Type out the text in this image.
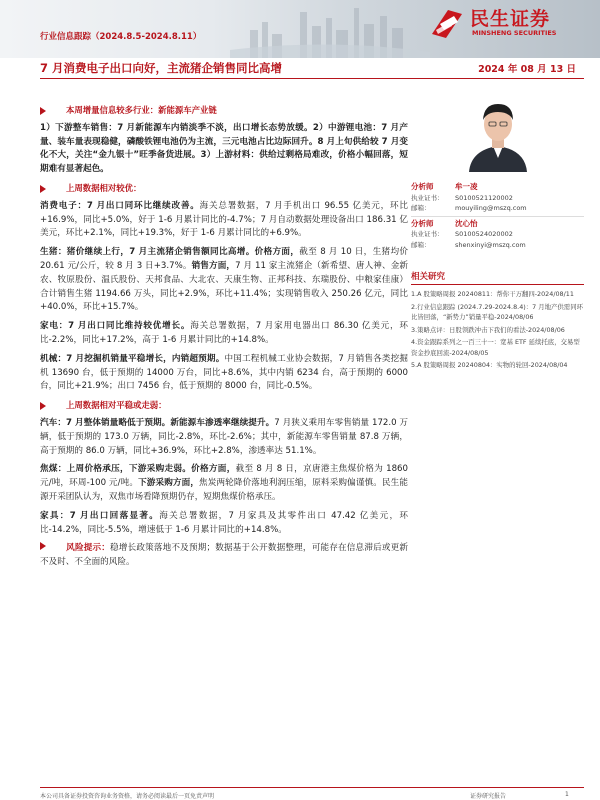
行业信息跟踪（2024.8.5-2024.8.11）
民生证券
MINSHENG SECURITIES
7 月消费电子出口向好，主流猪企销售同比高增	2024 年 08 月 13 日
本周增量信息较多行业：新能源车产业链
1）下游整车销售：7 月新能源车内销淡季不淡，出口增长态势放缓。2）中游锂电池：7 月产量、装车量表现稳健，磷酸铁锂电池仍为主流，三元电池占比边际回升。8 月上旬供给较 7 月变化不大，关注“金九银十”旺季备货进展。3）上游材料：供给过剩格局难改，价格小幅回落，短期难有显著起色。
上周数据相对较优：
消费电子：7 月出口同环比继续改善。海关总署数据，7 月手机出口 96.55 亿美元，环比+16.9%，同比+5.0%，好于 1-6 月累计同比的-4.7%；7 月自动数据处理设备出口 186.31 亿美元，环比+2.1%，同比+19.3%，好于 1-6 月累计同比的+6.9%。
生猪：猪价继续上行，7 月主流猪企销售额同比高增。价格方面，截至 8 月 10 日，生猪均价 20.61 元/公斤，较 8 月 3 日+3.7%。销售方面，7 月 11 家主流猪企（新希望、唐人神、金新农、牧原股份、温氏股份、天邦食品、大北农、天康生物、正邦科技、东瑞股份、中粮家佳康）合计销售生猪 1194.66 万头，同比+2.9%，环比+11.4%；实现销售收入 250.26 亿元，同比+40.0%，环比+15.7%。
家电：7 月出口同比维持较优增长。海关总署数据，7 月家用电器出口 86.30 亿美元，环比-2.2%，同比+17.2%，高于 1-6 月累计同比的+14.8%。
机械：7 月挖掘机销量平稳增长，内销超预期。中国工程机械工业协会数据，7 月销售各类挖掘机 13690 台，低于预期的 14000 万台，同比+8.6%，其中内销 6234 台，高于预期的 6000 台，同比+21.9%；出口 7456 台，低于预期的 8000 台，同比-0.5%。
上周数据相对平稳或走弱：
汽车：7 月整体销量略低于预期。新能源车渗透率继续提升。7 月狭义乘用车零售销量 172.0 万辆，低于预期的 173.0 万辆，同比-2.8%，环比-2.6%；其中，新能源车零售销量 87.8 万辆，高于预期的 86.0 万辆，同比+36.9%，环比+2.8%，渗透率达 51.1%。
焦煤：上周价格承压，下游采购走弱。价格方面，截至 8 月 8 日，京唐港主焦煤价格为 1860 元/吨，环周-100 元/吨。下游采购方面，焦炭两轮降价落地利润压缩，原料采购偏谨慎。民生能源开采团队认为，双焦市场看降预期仍存，短期焦煤价格承压。
家具：7 月出口回落显著。海关总署数据，7 月家具及其零件出口 47.42 亿美元，环比-14.2%，同比-5.5%，增速低于 1-6 月累计同比的+14.8%。
风险提示：稳增长政策落地不及预期；数据基于公开数据整理，可能存在信息滞后或更新不及时、不全面的风险。
分析师	牟一凌
执业证书：	S0100521120002
邮箱：	mouyiling@mszq.com
分析师	沈心怡
执业证书：	S0100524020002
邮箱：	shenxinyi@mszq.com
相关研究
1.A 股策略周报 20240811：帮你干万翻四-2024/08/11
2.行业信息跟踪 (2024.7.29-2024.8.4)：7 月地产供需同环比皆回落，“新势力”销量平稳-2024/08/06
3.策略点评：日股领跌冲击下我们的看法-2024/08/06
4.资金跟踪系列之一百三十一：宽基 ETF 延续托底，交易型资金抄底回流-2024/08/05
5.A 股策略周报 20240804：实物的轮回-2024/08/04
本公司具备证券投资咨询业务资格，请务必阅读最后一页免责声明	证券研究报告	1
